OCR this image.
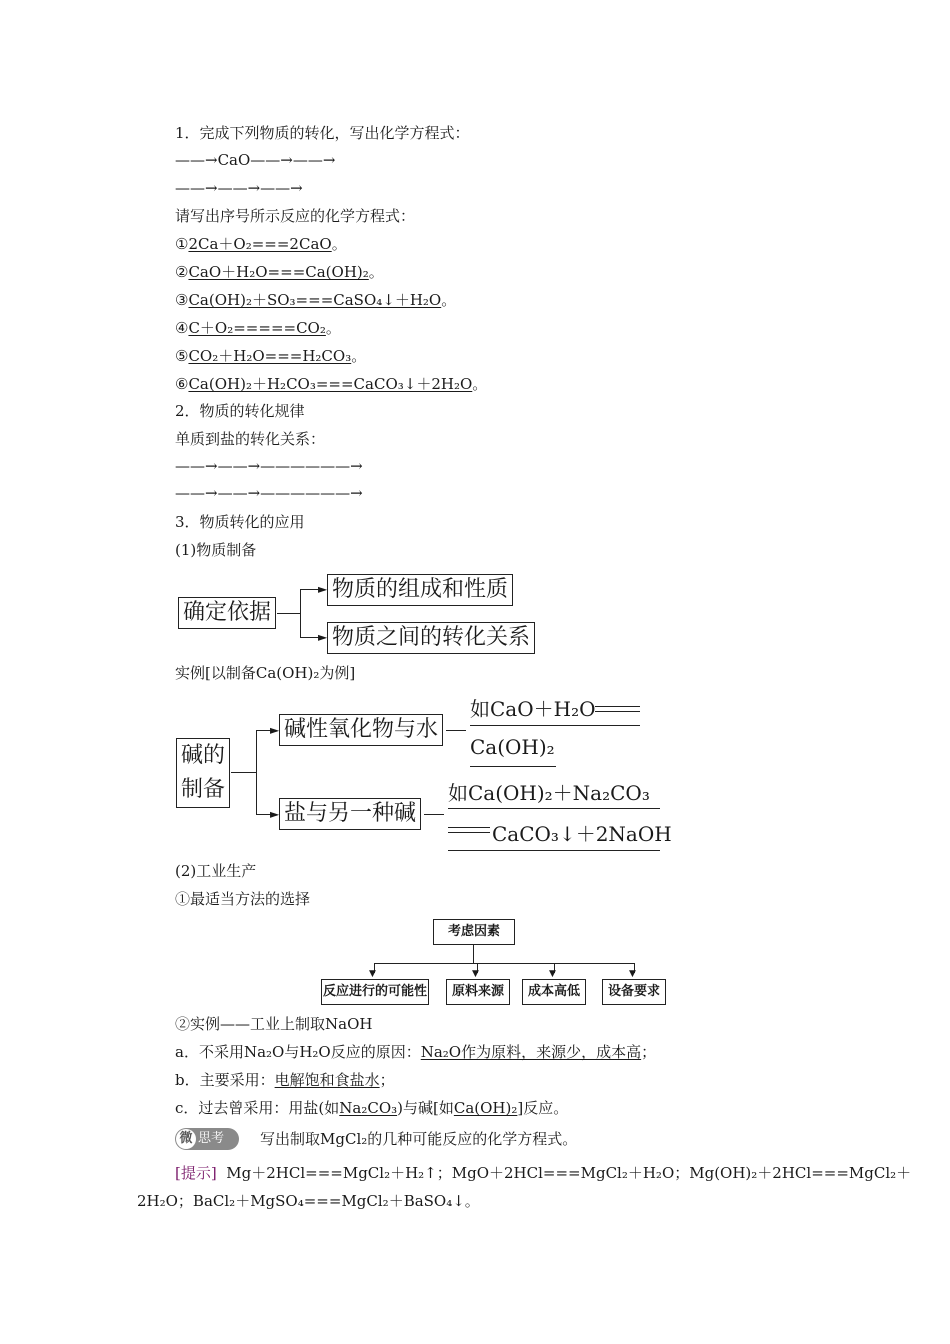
1．完成下列物质的转化，写出化学方程式：
——→CaO——→——→
——→——→——→
请写出序号所示反应的化学方程式：
①2Ca＋O₂===2CaO。
②CaO＋H₂O===Ca(OH)₂。
③Ca(OH)₂＋SO₃===CaSO₄↓＋H₂O。
④C＋O₂=====CO₂。
⑤CO₂＋H₂O===H₂CO₃。
⑥Ca(OH)₂＋H₂CO₃===CaCO₃↓＋2H₂O。
2．物质的转化规律
单质到盐的转化关系：
——→——→——————→
——→——→——————→
3．物质转化的应用
(1)物质制备
确定依据
►
►
物质的组成和性质
物质之间的转化关系
实例[以制备Ca(OH)₂为例]
碱的
制备
►
►
碱性氧化物与水
如CaO＋H₂O
Ca(OH)₂
盐与另一种碱
如Ca(OH)₂＋Na₂CO₃
CaCO₃↓＋2NaOH
(2)工业生产
①最适当方法的选择
考虑因素
▼	▼	▼	▼
反应进行的可能性	原料来源	成本高低	设备要求
②实例——工业上制取NaOH
a．不采用Na₂O与H₂O反应的原因：Na₂O作为原料，来源少，成本高；
b．主要采用：电解饱和食盐水；
c．过去曾采用：用盐(如Na₂CO₃)与碱[如Ca(OH)₂]反应。
微 思考	写出制取MgCl₂的几种可能反应的化学方程式。
[提示] Mg＋2HCl===MgCl₂＋H₂↑；MgO＋2HCl===MgCl₂＋H₂O；Mg(OH)₂＋2HCl===MgCl₂＋
2H₂O；BaCl₂＋MgSO₄===MgCl₂＋BaSO₄↓。
